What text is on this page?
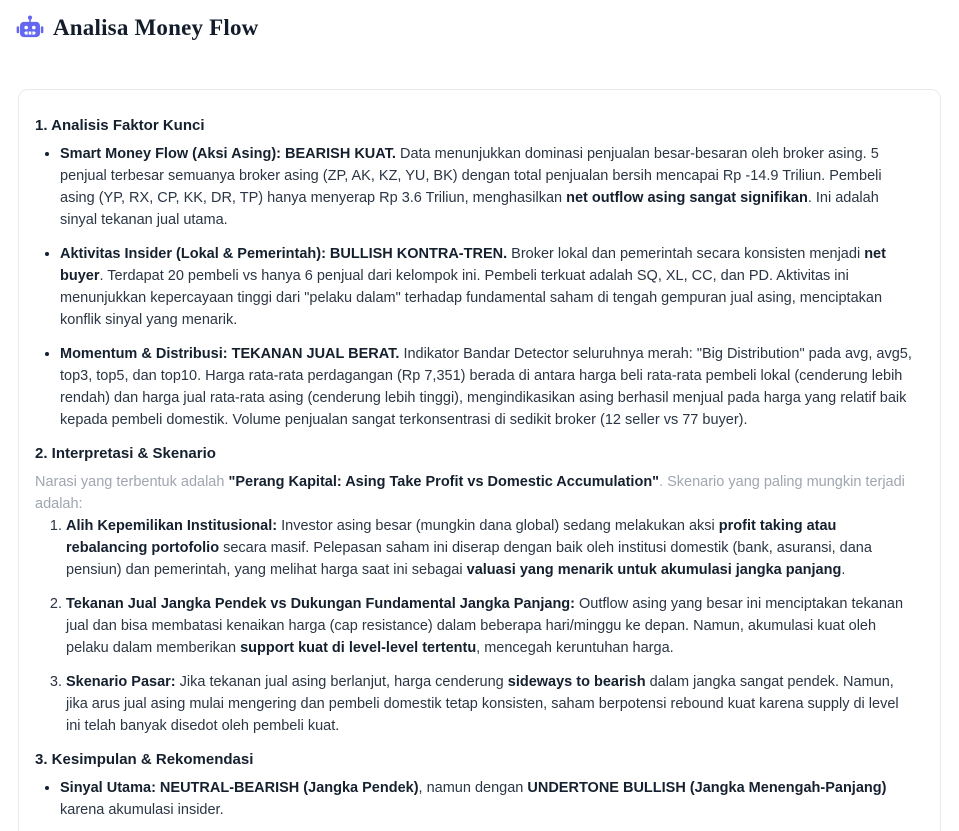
Analisa Money Flow
1. Analisis Faktor Kunci
• Smart Money Flow (Aksi Asing): BEARISH KUAT. Data menunjukkan dominasi penjualan besar-besaran oleh broker asing. 5 penjual terbesar semuanya broker asing (ZP, AK, KZ, YU, BK) dengan total penjualan bersih mencapai Rp -14.9 Triliun. Pembeli asing (YP, RX, CP, KK, DR, TP) hanya menyerap Rp 3.6 Triliun, menghasilkan net outflow asing sangat signifikan. Ini adalah sinyal tekanan jual utama.
• Aktivitas Insider (Lokal & Pemerintah): BULLISH KONTRA-TREN. Broker lokal dan pemerintah secara konsisten menjadi net buyer. Terdapat 20 pembeli vs hanya 6 penjual dari kelompok ini. Pembeli terkuat adalah SQ, XL, CC, dan PD. Aktivitas ini menunjukkan kepercayaan tinggi dari "pelaku dalam" terhadap fundamental saham di tengah gempuran jual asing, menciptakan konflik sinyal yang menarik.
• Momentum & Distribusi: TEKANAN JUAL BERAT. Indikator Bandar Detector seluruhnya merah: "Big Distribution" pada avg, avg5, top3, top5, dan top10. Harga rata-rata perdagangan (Rp 7,351) berada di antara harga beli rata-rata pembeli lokal (cenderung lebih rendah) dan harga jual rata-rata asing (cenderung lebih tinggi), mengindikasikan asing berhasil menjual pada harga yang relatif baik kepada pembeli domestik. Volume penjualan sangat terkonsentrasi di sedikit broker (12 seller vs 77 buyer).
2. Interpretasi & Skenario

Narasi yang terbentuk adalah "Perang Kapital: Asing Take Profit vs Domestic Accumulation". Skenario yang paling mungkin terjadi adalah:

1. Alih Kepemilikan Institusional: Investor asing besar (mungkin dana global) sedang melakukan aksi profit taking atau rebalancing portofolio secara masif. Pelepasan saham ini diserap dengan baik oleh institusi domestik (bank, asuransi, dana pensiun) dan pemerintah, yang melihat harga saat ini sebagai valuasi yang menarik untuk akumulasi jangka panjang.
2. Tekanan Jual Jangka Pendek vs Dukungan Fundamental Jangka Panjang: Outflow asing yang besar ini menciptakan tekanan jual dan bisa membatasi kenaikan harga (cap resistance) dalam beberapa hari/minggu ke depan. Namun, akumulasi kuat oleh pelaku dalam memberikan support kuat di level-level tertentu, mencegah keruntuhan harga.
3. Skenario Pasar: Jika tekanan jual asing berlanjut, harga cenderung sideways to bearish dalam jangka sangat pendek. Namun, jika arus jual asing mulai mengering dan pembeli domestik tetap konsisten, saham berpotensi rebound kuat karena supply di level ini telah banyak disedot oleh pembeli kuat.
3. Kesimpulan & Rekomendasi
• Sinyal Utama: NEUTRAL-BEARISH (Jangka Pendek), namun dengan UNDERTONE BULLISH (Jangka Menengah-Panjang) karena akumulasi insider.
